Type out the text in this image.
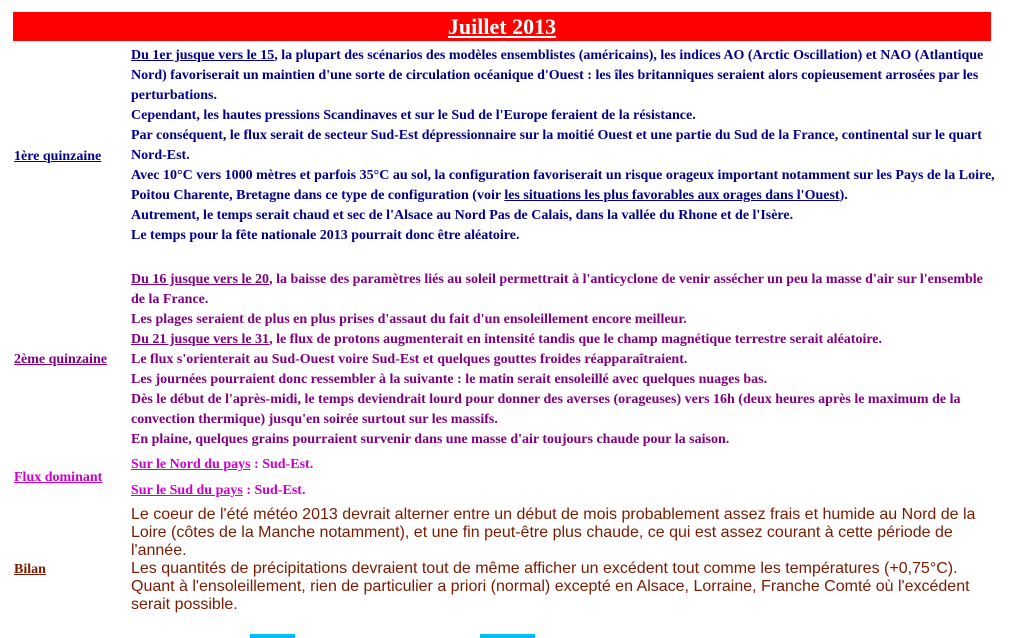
Juillet 2013
1ère quinzaine

Du 1er jusque vers le 15, la plupart des scénarios des modèles ensemblistes (américains), les indices AO (Arctic Oscillation) et NAO (Atlantique Nord) favoriserait un maintien d'une sorte de circulation océanique d'Ouest : les îles britanniques seraient alors copieusement arrosées par les perturbations.

Cependant, les hautes pressions Scandinaves et sur le Sud de l'Europe feraient de la résistance.

Par conséquent, le flux serait de secteur Sud-Est dépressionnaire sur la moitié Ouest et une partie du Sud de la France, continental sur le quart Nord-Est.

Avec 10°C vers 1000 mètres et parfois 35°C au sol, la configuration favoriserait un risque orageux important notamment sur les Pays de la Loire, Poitou Charente, Bretagne dans ce type de configuration (voir les situations les plus favorables aux orages dans l'Ouest).

Autrement, le temps serait chaud et sec de l'Alsace au Nord Pas de Calais, dans la vallée du Rhone et de l'Isère.

Le temps pour la fête nationale 2013 pourrait donc être aléatoire.

2ème quinzaine

Du 16 jusque vers le 20, la baisse des paramètres liés au soleil permettrait à l'anticyclone de venir assécher un peu la masse d'air sur l'ensemble de la France.

Les plages seraient de plus en plus prises d'assaut du fait d'un ensoleillement encore meilleur.

Du 21 jusque vers le 31, le flux de protons augmenterait en intensité tandis que le champ magnétique terrestre serait aléatoire.

Le flux s'orienterait au Sud-Ouest voire Sud-Est et quelques gouttes froides réapparaîtraient.

Les journées pourraient donc ressembler à la suivante : le matin serait ensoleillé avec quelques nuages bas.

Dès le début de l'après-midi, le temps deviendrait lourd pour donner des averses (orageuses) vers 16h (deux heures après le maximum de la convection thermique) jusqu'en soirée surtout sur les massifs.

En plaine, quelques grains pourraient survenir dans une masse d'air toujours chaude pour la saison.

Flux dominant

Sur le Nord du pays : Sud-Est.

Sur le Sud du pays : Sud-Est.

Bilan

Le coeur de l'été météo 2013 devrait alterner entre un début de mois probablement assez frais et humide au Nord de la Loire (côtes de la Manche notamment), et une fin peut-être plus chaude, ce qui est assez courant à cette période de l'année.

Les quantités de précipitations devraient tout de même afficher un excédent tout comme les températures (+0,75°C).

Quant à l'ensoleillement, rien de particulier a priori (normal) excepté en Alsace, Lorraine, Franche Comté où l'excédent serait possible.
